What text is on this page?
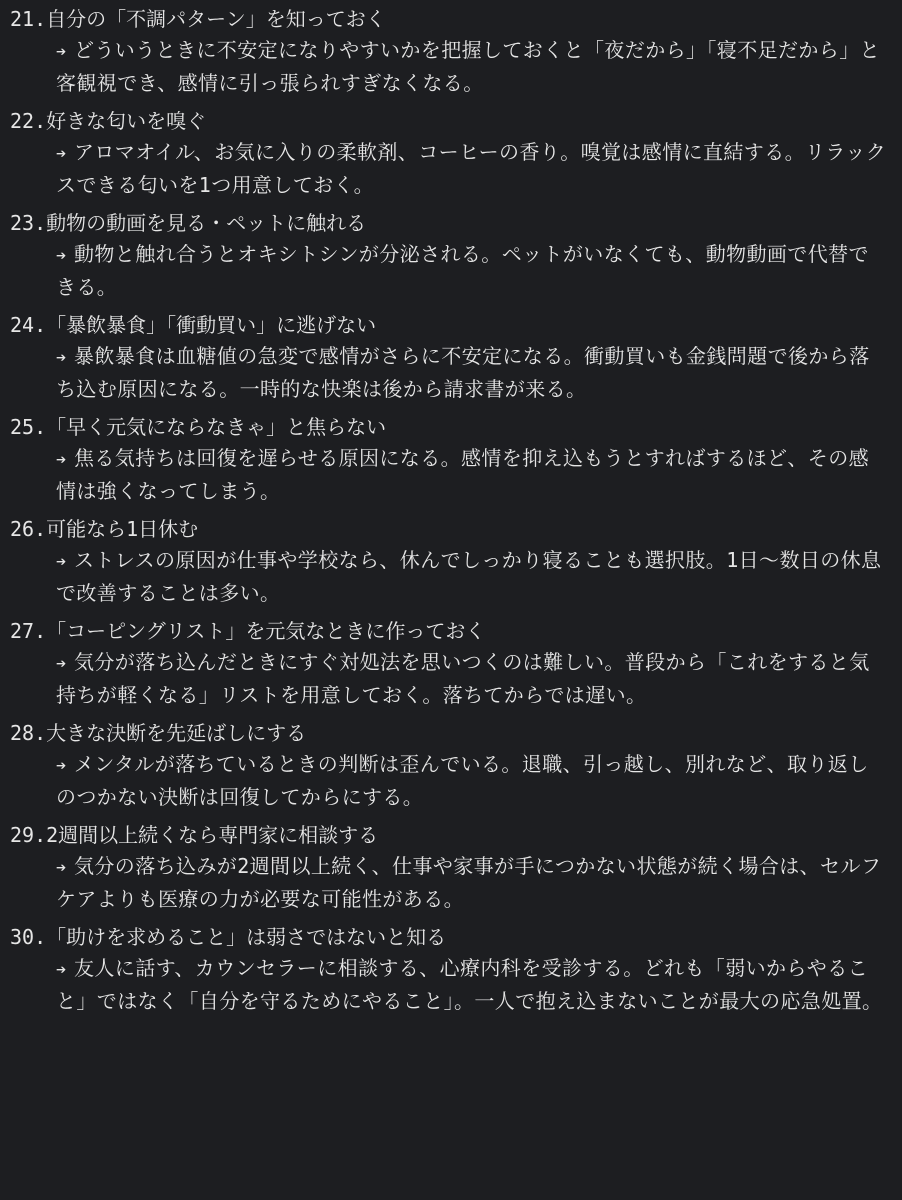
21. 自分の「不調パターン」を知っておく
➔ どういうときに不安定になりやすいかを把握しておくと「夜だから」「寝不足だから」と客観視でき、感情に引っ張られすぎなくなる。
22. 好きな匂いを嗅ぐ
➔ アロマオイル、お気に入りの柔軟剤、コーヒーの香り。嗅覚は感情に直結する。リラックスできる匂いを1つ用意しておく。
23. 動物の動画を見る・ペットに触れる
➔ 動物と触れ合うとオキシトシンが分泌される。ペットがいなくても、動物動画で代替できる。
24. 「暴飲暴食」「衝動買い」に逃げない
➔ 暴飲暴食は血糖値の急変で感情がさらに不安定になる。衝動買いも金銭問題で後から落ち込む原因になる。一時的な快楽は後から請求書が来る。
25. 「早く元気にならなきゃ」と焦らない
➔ 焦る気持ちは回復を遅らせる原因になる。感情を抑え込もうとすればするほど、その感情は強くなってしまう。
26. 可能なら1日休む
➔ ストレスの原因が仕事や学校なら、休んでしっかり寝ることも選択肢。1日〜数日の休息で改善することは多い。
27. 「コーピングリスト」を元気なときに作っておく
➔ 気分が落ち込んだときにすぐ対処法を思いつくのは難しい。普段から「これをすると気持ちが軽くなる」リストを用意しておく。落ちてからでは遅い。
28. 大きな決断を先延ばしにする
➔ メンタルが落ちているときの判断は歪んでいる。退職、引っ越し、別れなど、取り返しのつかない決断は回復してからにする。
29. 2週間以上続くなら専門家に相談する
➔ 気分の落ち込みが2週間以上続く、仕事や家事が手につかない状態が続く場合は、セルフケアよりも医療の力が必要な可能性がある。
30. 「助けを求めること」は弱さではないと知る
➔ 友人に話す、カウンセラーに相談する、心療内科を受診する。どれも「弱いからやること」ではなく「自分を守るためにやること」。一人で抱え込まないことが最大の応急処置。
